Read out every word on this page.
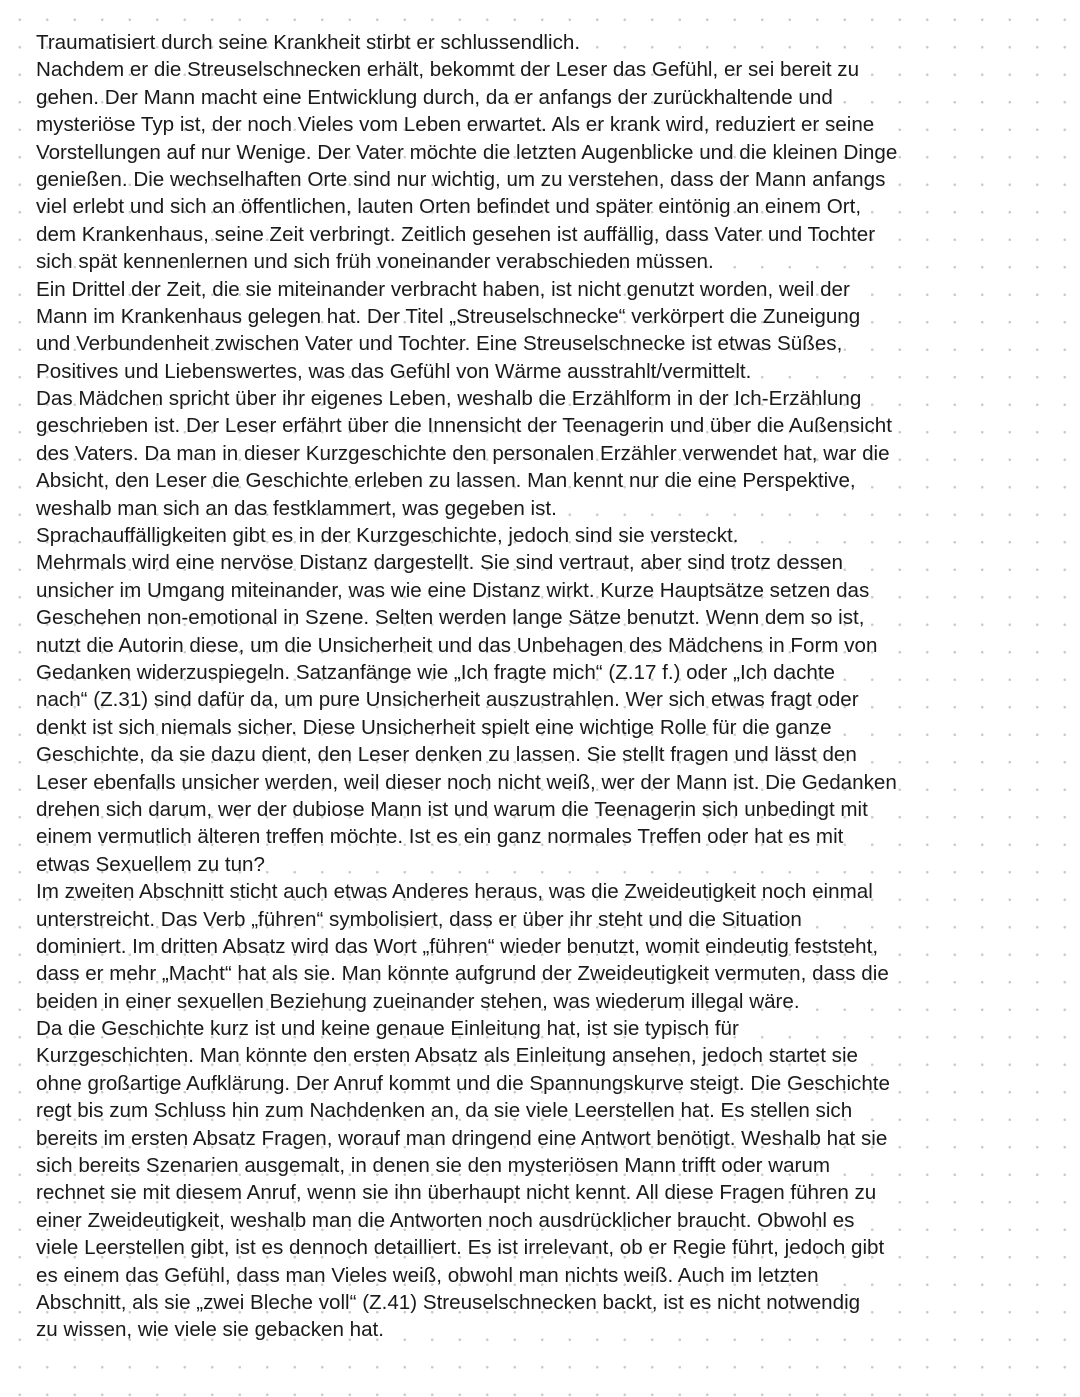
Traumatisiert durch seine Krankheit stirbt er schlussendlich.
Nachdem er die Streuselschnecken erhält, bekommt der Leser das Gefühl, er sei bereit zu
gehen. Der Mann macht eine Entwicklung durch, da er anfangs der zurückhaltende und
mysteriöse Typ ist, der noch Vieles vom Leben erwartet. Als er krank wird, reduziert er seine
Vorstellungen auf nur Wenige. Der Vater möchte die letzten Augenblicke und die kleinen Dinge
genießen. Die wechselhaften Orte sind nur wichtig, um zu verstehen, dass der Mann anfangs
viel erlebt und sich an öffentlichen, lauten Orten befindet und später eintönig an einem Ort,
dem Krankenhaus, seine Zeit verbringt. Zeitlich gesehen ist auffällig, dass Vater und Tochter
sich spät kennenlernen und sich früh voneinander verabschieden müssen.
Ein Drittel der Zeit, die sie miteinander verbracht haben, ist nicht genutzt worden, weil der
Mann im Krankenhaus gelegen hat. Der Titel „Streuselschnecke“ verkörpert die Zuneigung
und Verbundenheit zwischen Vater und Tochter. Eine Streuselschnecke ist etwas Süßes,
Positives und Liebenswertes, was das Gefühl von Wärme ausstrahlt/vermittelt.
Das Mädchen spricht über ihr eigenes Leben, weshalb die Erzählform in der Ich-Erzählung
geschrieben ist. Der Leser erfährt über die Innensicht der Teenagerin und über die Außensicht
des Vaters. Da man in dieser Kurzgeschichte den personalen Erzähler verwendet hat, war die
Absicht, den Leser die Geschichte erleben zu lassen. Man kennt nur die eine Perspektive,
weshalb man sich an das festklammert, was gegeben ist.
Sprachauffälligkeiten gibt es in der Kurzgeschichte, jedoch sind sie versteckt.
Mehrmals wird eine nervöse Distanz dargestellt. Sie sind vertraut, aber sind trotz dessen
unsicher im Umgang miteinander, was wie eine Distanz wirkt. Kurze Hauptsätze setzen das
Geschehen non-emotional in Szene. Selten werden lange Sätze benutzt. Wenn dem so ist,
nutzt die Autorin diese, um die Unsicherheit und das Unbehagen des Mädchens in Form von
Gedanken widerzuspiegeln. Satzanfänge wie „Ich fragte mich“ (Z.17 f.) oder „Ich dachte
nach“ (Z.31) sind dafür da, um pure Unsicherheit auszustrahlen. Wer sich etwas fragt oder
denkt ist sich niemals sicher. Diese Unsicherheit spielt eine wichtige Rolle für die ganze
Geschichte, da sie dazu dient, den Leser denken zu lassen. Sie stellt fragen und lässt den
Leser ebenfalls unsicher werden, weil dieser noch nicht weiß, wer der Mann ist. Die Gedanken
drehen sich darum, wer der dubiose Mann ist und warum die Teenagerin sich unbedingt mit
einem vermutlich älteren treffen möchte. Ist es ein ganz normales Treffen oder hat es mit
etwas Sexuellem zu tun?
Im zweiten Abschnitt sticht auch etwas Anderes heraus, was die Zweideutigkeit noch einmal
unterstreicht. Das Verb „führen“ symbolisiert, dass er über ihr steht und die Situation
dominiert. Im dritten Absatz wird das Wort „führen“ wieder benutzt, womit eindeutig feststeht,
dass er mehr „Macht“ hat als sie. Man könnte aufgrund der Zweideutigkeit vermuten, dass die
beiden in einer sexuellen Beziehung zueinander stehen, was wiederum illegal wäre.
Da die Geschichte kurz ist und keine genaue Einleitung hat, ist sie typisch für
Kurzgeschichten. Man könnte den ersten Absatz als Einleitung ansehen, jedoch startet sie
ohne großartige Aufklärung. Der Anruf kommt und die Spannungskurve steigt. Die Geschichte
regt bis zum Schluss hin zum Nachdenken an, da sie viele Leerstellen hat. Es stellen sich
bereits im ersten Absatz Fragen, worauf man dringend eine Antwort benötigt. Weshalb hat sie
sich bereits Szenarien ausgemalt, in denen sie den mysteriösen Mann trifft oder warum
rechnet sie mit diesem Anruf, wenn sie ihn überhaupt nicht kennt. All diese Fragen führen zu
einer Zweideutigkeit, weshalb man die Antworten noch ausdrücklicher braucht. Obwohl es
viele Leerstellen gibt, ist es dennoch detailliert. Es ist irrelevant, ob er Regie führt, jedoch gibt
es einem das Gefühl, dass man Vieles weiß, obwohl man nichts weiß. Auch im letzten
Abschnitt, als sie „zwei Bleche voll“ (Z.41) Streuselschnecken backt, ist es nicht notwendig
zu wissen, wie viele sie gebacken hat.
